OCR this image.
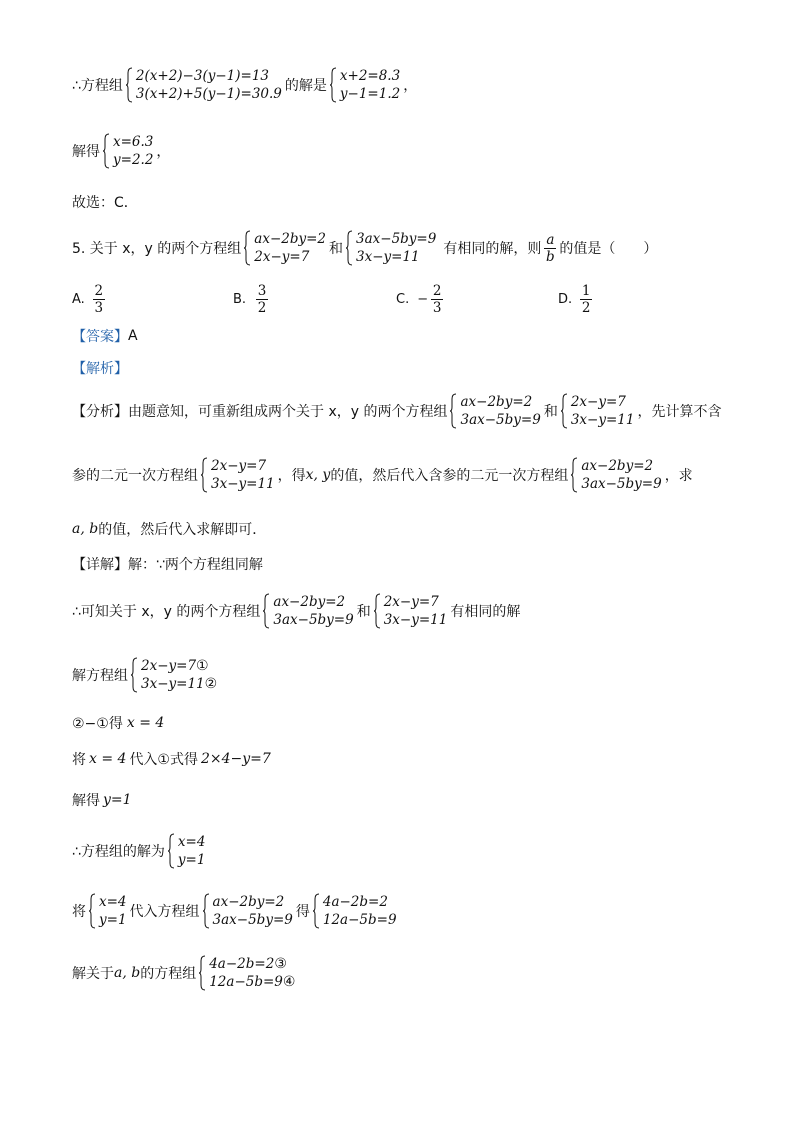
∴方程组
2(x+2)−3(y−1)=13
3(x+2)+5(y−1)=30.9 的解是
x+2=8.3
y−1=1.2 ，
解得
x=6.3
y=2.2 ，
故选：C．
5. 关于 x，y 的两个方程组
ax−2by=2
2x−y=7	和
3ax−5by=9
3x−y=11	有相同的解，则 $\frac{a}{b}$ 的值是（　　）
A. $\frac{2}{3}$	B. $\frac{3}{2}$	C. − $\frac{2}{3}$	D. $\frac{1}{2}$
【答案】 A
【解析】
【分析】 由题意知，可重新组成两个关于 x，y 的两个方程组
ax−2by=2
3ax−5by=9 和
2x−y=7
3x−y=11 ，先计算不含
参的二元一次方程组
2x−y=7
3x−y=11 ，得 x, y 的值，然后代入含参的二元一次方程组
ax−2by=2
3ax−5by=9 ，求
a, b 的值，然后代入求解即可．
【详解】 解：∵两个方程组同解
∴可知关于 x，y 的两个方程组
ax−2by=2
3ax−5by=9 和
2x−y=7
3x−y=11 有相同的解
解方程组
2x−y=7①
3x−y=11②
②−①得 x = 4
将 x = 4 代入①式得 2×4−y=7
解得 y=1
∴方程组的解为
x=4
y=1
将
x=4
y=1 代入方程组
ax−2by=2
3ax−5by=9 得
4a−2b=2
12a−5b=9
解关于 a, b 的方程组
4a−2b=2③
12a−5b=9④
